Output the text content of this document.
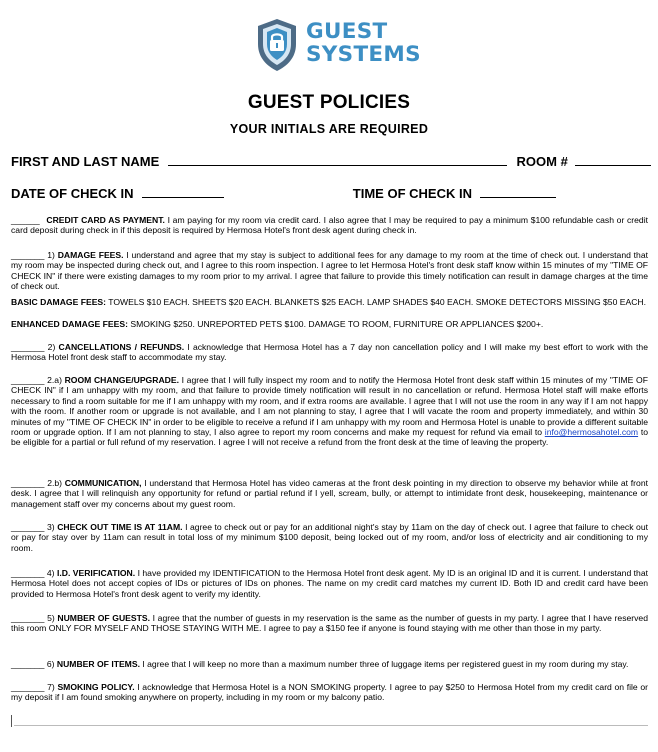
GUEST
SYSTEMS
GUEST POLICIES
YOUR INITIALS ARE REQUIRED
FIRST AND LAST NAME	ROOM #
DATE OF CHECK IN	TIME OF CHECK IN
______ CREDIT CARD AS PAYMENT. I am paying for my room via credit card. I also agree that I may be required to pay a minimum $100 refundable cash or credit card deposit during check in if this deposit is required by Hermosa Hotel's front desk agent during check in.
_______ 1) DAMAGE FEES. I understand and agree that my stay is subject to additional fees for any damage to my room at the time of check out. I understand that my room may be inspected during check out, and I agree to this room inspection. I agree to let Hermosa Hotel's front desk staff know within 15 minutes of my "TIME OF CHECK IN" if there were existing damages to my room prior to my arrival. I agree that failure to provide this timely notification can result in damage charges at the time of check out.
BASIC DAMAGE FEES: TOWELS $10 EACH. SHEETS $20 EACH. BLANKETS $25 EACH. LAMP SHADES $40 EACH. SMOKE DETECTORS MISSING $50 EACH.
ENHANCED DAMAGE FEES: SMOKING $250. UNREPORTED PETS $100. DAMAGE TO ROOM, FURNITURE OR APPLIANCES $200+.
_______ 2) CANCELLATIONS / REFUNDS. I acknowledge that Hermosa Hotel has a 7 day non cancellation policy and I will make my best effort to work with the Hermosa Hotel front desk staff to accommodate my stay.
_______ 2.a) ROOM CHANGE/UPGRADE. I agree that I will fully inspect my room and to notify the Hermosa Hotel front desk staff within 15 minutes of my "TIME OF CHECK IN" if I am unhappy with my room, and that failure to provide timely notification will result in no cancellation or refund. Hermosa Hotel staff will make efforts necessary to find a room suitable for me if I am unhappy with my room, and if extra rooms are available. I agree that I will not use the room in any way if I am not happy with the room. If another room or upgrade is not available, and I am not planning to stay, I agree that I will vacate the room and property immediately, and within 30 minutes of my "TIME OF CHECK IN" in order to be eligible to receive a refund if I am unhappy with my room and Hermosa Hotel is unable to provide a different suitable room or upgrade option. If I am not planning to stay, I also agree to report my room concerns and make my request for refund via email to info@hermosahotel.com to be eligible for a partial or full refund of my reservation. I agree I will not receive a refund from the front desk at the time of leaving the property.
_______ 2.b) COMMUNICATION, I understand that Hermosa Hotel has video cameras at the front desk pointing in my direction to observe my behavior while at front desk. I agree that I will relinquish any opportunity for refund or partial refund if I yell, scream, bully, or attempt to intimidate front desk, housekeeping, maintenance or management staff over my concerns about my guest room.
_______ 3) CHECK OUT TIME IS AT 11AM. I agree to check out or pay for an additional night's stay by 11am on the day of check out. I agree that failure to check out or pay for stay over by 11am can result in total loss of my minimum $100 deposit, being locked out of my room, and/or loss of electricity and air conditioning to my room.
_______ 4) I.D. VERIFICATION. I have provided my IDENTIFICATION to the Hermosa Hotel front desk agent. My ID is an original ID and it is current. I understand that Hermosa Hotel does not accept copies of IDs or pictures of IDs on phones. The name on my credit card matches my current ID. Both ID and credit card have been provided to Hermosa Hotel's front desk agent to verify my identity.
_______ 5) NUMBER OF GUESTS. I agree that the number of guests in my reservation is the same as the number of guests in my party. I agree that I have reserved this room ONLY FOR MYSELF AND THOSE STAYING WITH ME. I agree to pay a $150 fee if anyone is found staying with me other than those in my party.
_______ 6) NUMBER OF ITEMS. I agree that I will keep no more than a maximum number three of luggage items per registered guest in my room during my stay.
_______ 7) SMOKING POLICY. I acknowledge that Hermosa Hotel is a NON SMOKING property. I agree to pay $250 to Hermosa Hotel from my credit card on file or my deposit if I am found smoking anywhere on property, including in my room or my balcony patio.
